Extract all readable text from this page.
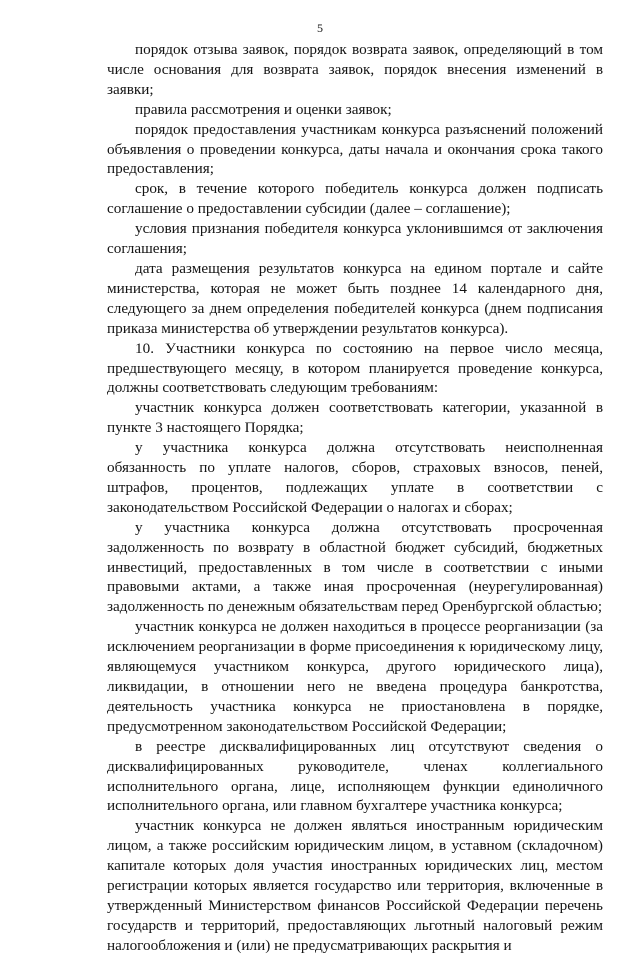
5

порядок отзыва заявок, порядок возврата заявок, определяющий в том числе основания для возврата заявок, порядок внесения изменений в заявки;

правила рассмотрения и оценки заявок;

порядок предоставления участникам конкурса разъяснений положений объявления о проведении конкурса, даты начала и окончания срока такого предоставления;

срок, в течение которого победитель конкурса должен подписать соглашение о предоставлении субсидии (далее – соглашение);

условия признания победителя конкурса уклонившимся от заключения соглашения;

дата размещения результатов конкурса на едином портале и сайте министерства, которая не может быть позднее 14 календарного дня, следующего за днем определения победителей конкурса (днем подписания приказа министерства об утверждении результатов конкурса).

10. Участники конкурса по состоянию на первое число месяца, предшествующего месяцу, в котором планируется проведение конкурса, должны соответствовать следующим требованиям:

участник конкурса должен соответствовать категории, указанной в пункте 3 настоящего Порядка;

у участника конкурса должна отсутствовать неисполненная обязанность по уплате налогов, сборов, страховых взносов, пеней, штрафов, процентов, подлежащих уплате в соответствии с законодательством Российской Федерации о налогах и сборах;

у участника конкурса должна отсутствовать просроченная задолженность по возврату в областной бюджет субсидий, бюджетных инвестиций, предоставленных в том числе в соответствии с иными правовыми актами, а также иная просроченная (неурегулированная) задолженность по денежным обязательствам перед Оренбургской областью;

участник конкурса не должен находиться в процессе реорганизации (за исключением реорганизации в форме присоединения к юридическому лицу, являющемуся участником конкурса, другого юридического лица), ликвидации, в отношении него не введена процедура банкротства, деятельность участника конкурса не приостановлена в порядке, предусмотренном законодательством Российской Федерации;

в реестре дисквалифицированных лиц отсутствуют сведения о дисквалифицированных руководителе, членах коллегиального исполнительного органа, лице, исполняющем функции единоличного исполнительного органа, или главном бухгалтере участника конкурса;

участник конкурса не должен являться иностранным юридическим лицом, а также российским юридическим лицом, в уставном (складочном) капитале которых доля участия иностранных юридических лиц, местом регистрации которых является государство или территория, включенные в утвержденный Министерством финансов Российской Федерации перечень государств и территорий, предоставляющих льготный налоговый режим налогообложения и (или) не предусматривающих раскрытия и
